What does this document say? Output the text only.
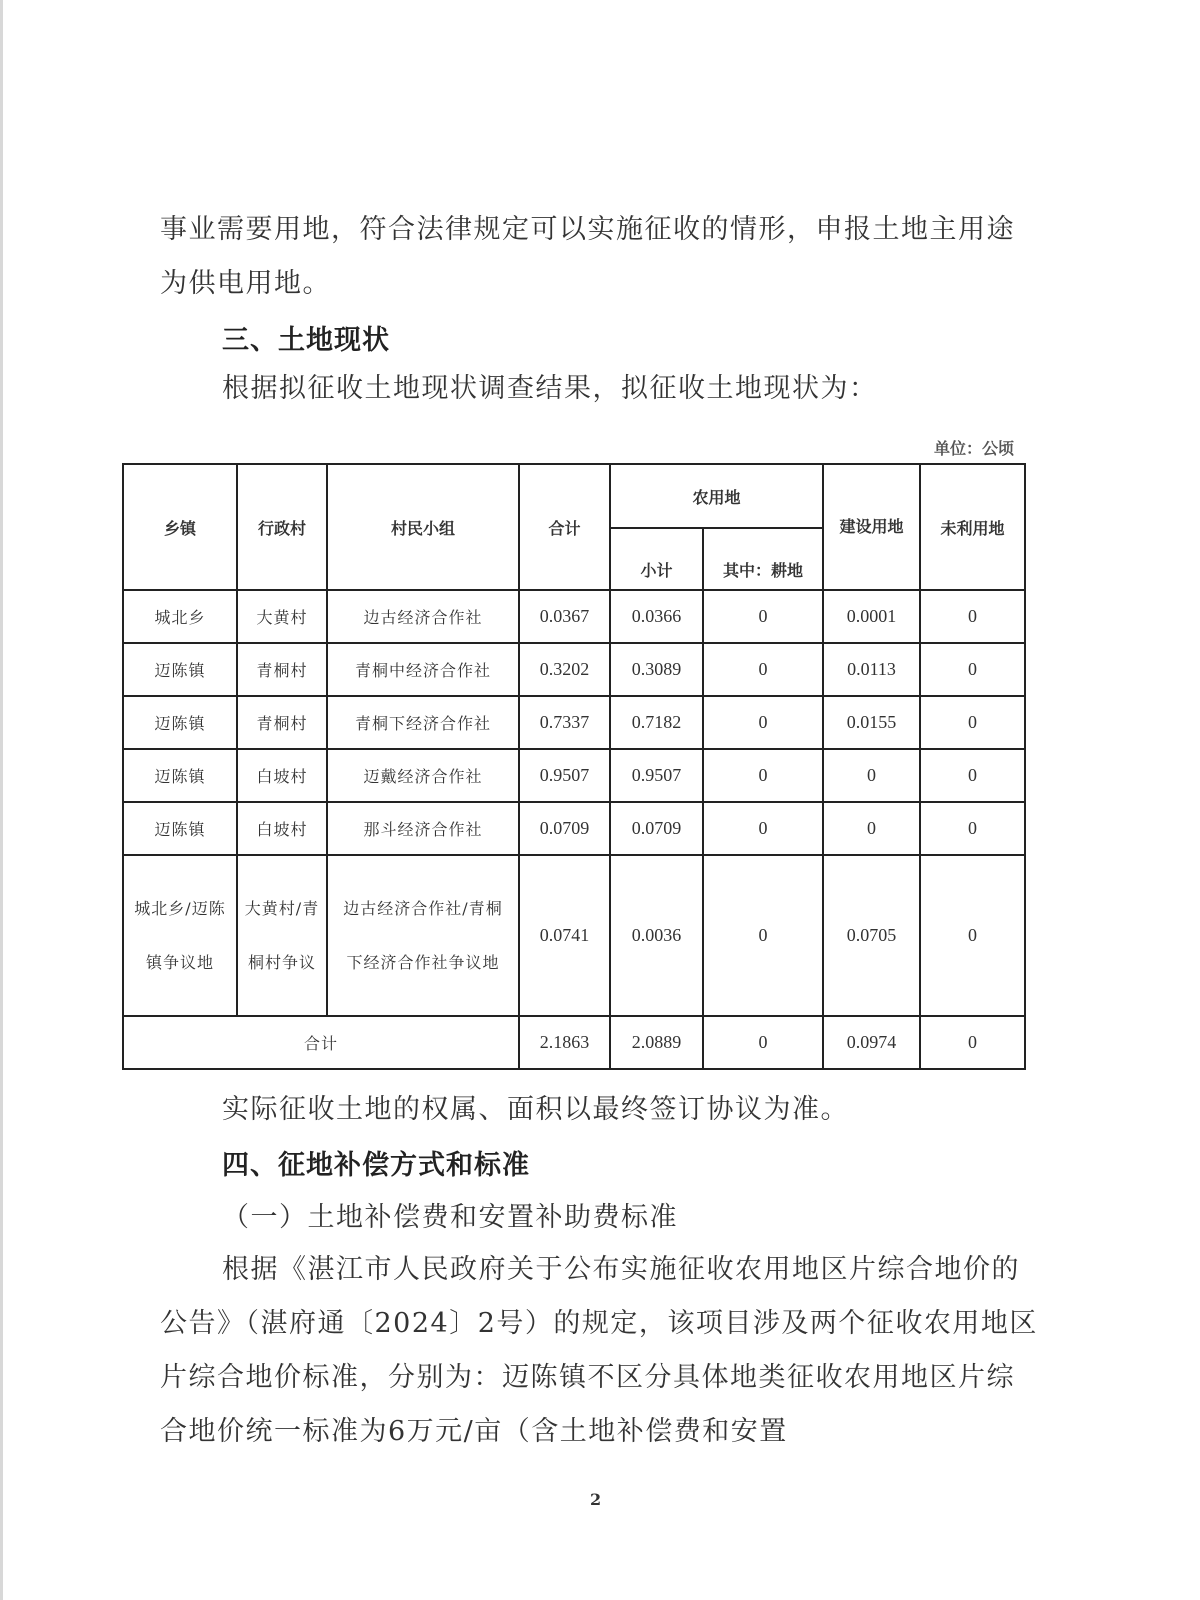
事业需要用地，符合法律规定可以实施征收的情形，申报土地主用途为供电用地。
三、土地现状
根据拟征收土地现状调查结果，拟征收土地现状为：
单位：公顷
乡镇	行政村	村民小组	合计	农用地		建设用地	未利用地
				小计	其中：耕地		
城北乡	大黄村	边古经济合作社	0.0367	0.0366	0	0.0001	0
迈陈镇	青桐村	青桐中经济合作社	0.3202	0.3089	0	0.0113	0
迈陈镇	青桐村	青桐下经济合作社	0.7337	0.7182	0	0.0155	0
迈陈镇	白坡村	迈戴经济合作社	0.9507	0.9507	0	0	0
迈陈镇	白坡村	那斗经济合作社	0.0709	0.0709	0	0	0
城北乡/迈陈镇争议地	大黄村/青桐村争议	边古经济合作社/青桐下经济合作社争议地	0.0741	0.0036	0	0.0705	0
合计			2.1863	2.0889	0	0.0974	0
实际征收土地的权属、面积以最终签订协议为准。
四、征地补偿方式和标准
（一）土地补偿费和安置补助费标准
根据《湛江市人民政府关于公布实施征收农用地区片综合地价的公告》（湛府通〔2024〕2号）的规定，该项目涉及两个征收农用地区片综合地价标准，分别为：迈陈镇不区分具体地类征收农用地区片综合地价统一标准为6万元/亩（含土地补偿费和安置
2
